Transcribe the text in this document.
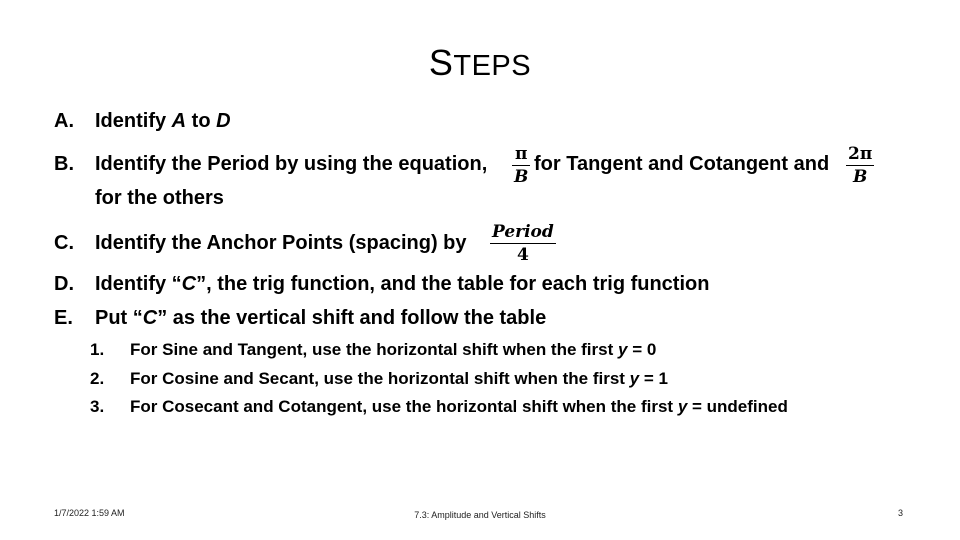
STEPS
A.	Identify A to D
B.	Identify the Period by using the equation, $\frac{\pi}{B}$ for Tangent and Cotangent and $\frac{2\pi}{B}$
for the others
C.	Identify the Anchor Points (spacing) by Period
4
D.	Identify “C”, the trig function, and the table for each trig function
E.	Put “C” as the vertical shift and follow the table
1.	For Sine and Tangent, use the horizontal shift when the first y = 0
2.	For Cosine and Secant, use the horizontal shift when the first y = 1
3.	For Cosecant and Cotangent, use the horizontal shift when the first y = undefined
1/7/2022 1:59 AM	7.3: Amplitude and Vertical Shifts	3
